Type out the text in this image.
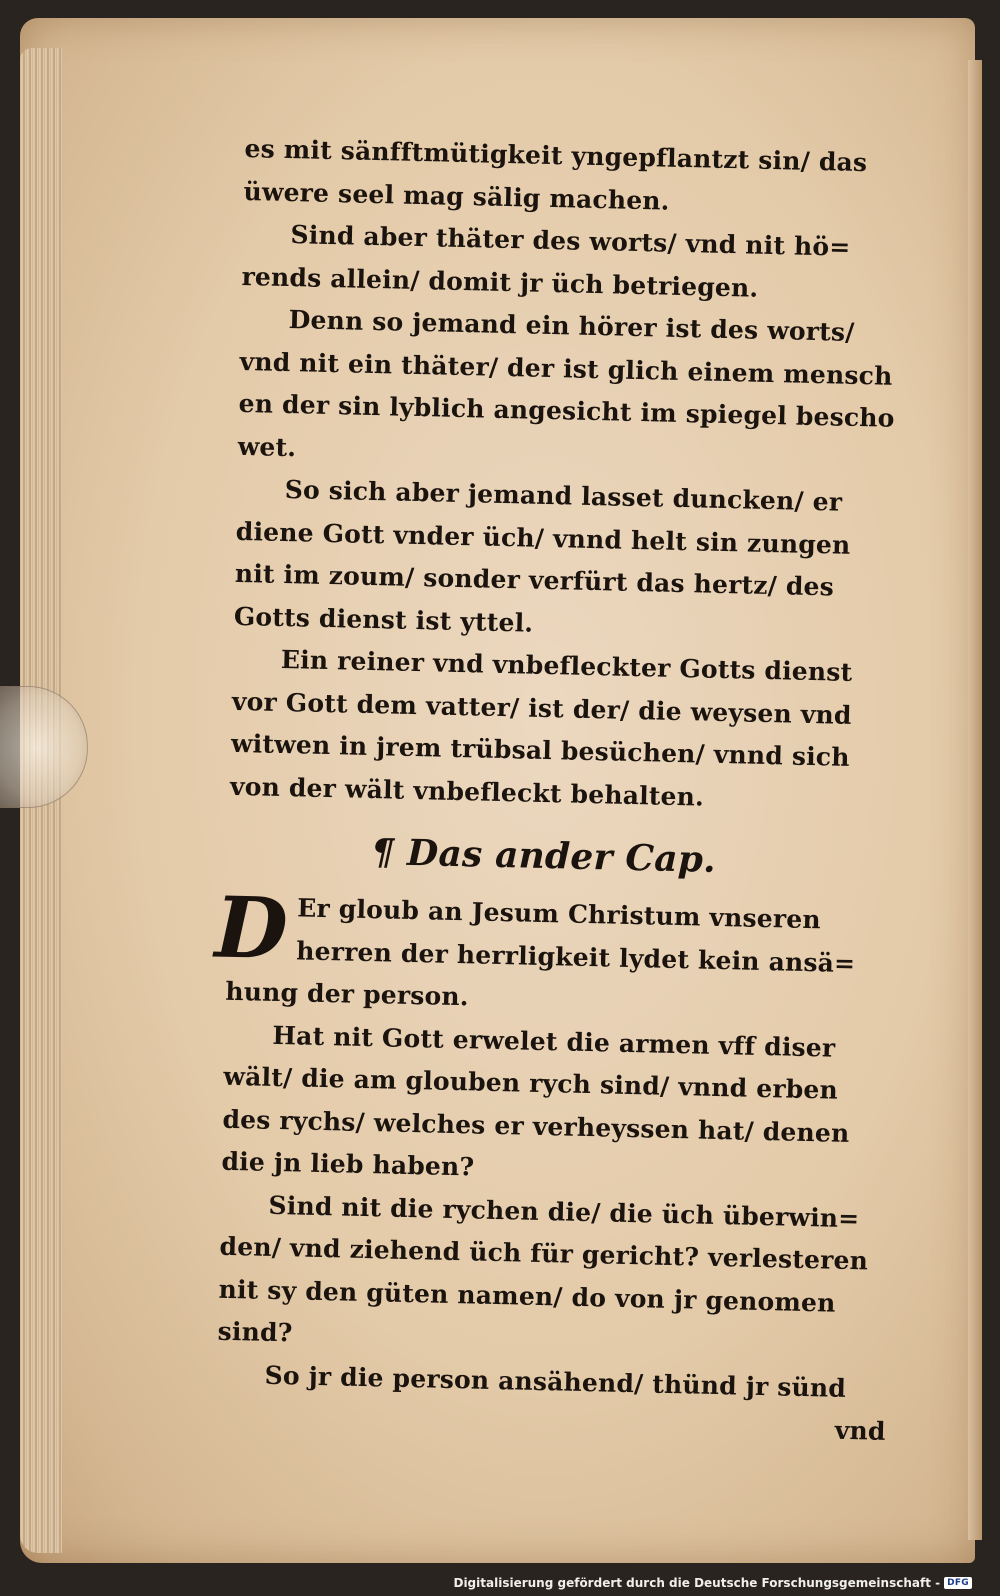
es mit sänfftmütigkeit yngepflantzt sin/ das
üwere seel mag sälig machen.
Sind aber thäter des worts/ vnd nit hö=
rends allein/ domit jr üch betriegen.
Denn so jemand ein hörer ist des worts/
vnd nit ein thäter/ der ist glich einem mensch
en der sin lyblich angesicht im spiegel bescho
wet.
So sich aber jemand lasset duncken/ er
diene Gott vnder üch/ vnnd helt sin zungen
nit im zoum/ sonder verfürt das hertz/ des
Gotts dienst ist yttel.
Ein reiner vnd vnbefleckter Gotts dienst
vor Gott dem vatter/ ist der/ die weysen vnd
witwen in jrem trübsal besüchen/ vnnd sich
von der wält vnbefleckt behalten.
¶ Das ander Cap.
D Er gloub an Jesum Christum vnseren
herren der herrligkeit lydet kein ansä=
hung der person.
Hat nit Gott erwelet die armen vff diser
wält/ die am glouben rych sind/ vnnd erben
des rychs/ welches er verheyssen hat/ denen
die jn lieb haben?
Sind nit die rychen die/ die üch überwin=
den/ vnd ziehend üch für gericht? verlesteren
nit sy den güten namen/ do von jr genomen
sind?
So jr die person ansähend/ thünd jr sünd
vnd
Digitalisierung gefördert durch die Deutsche Forschungsgemeinschaft - DFG
